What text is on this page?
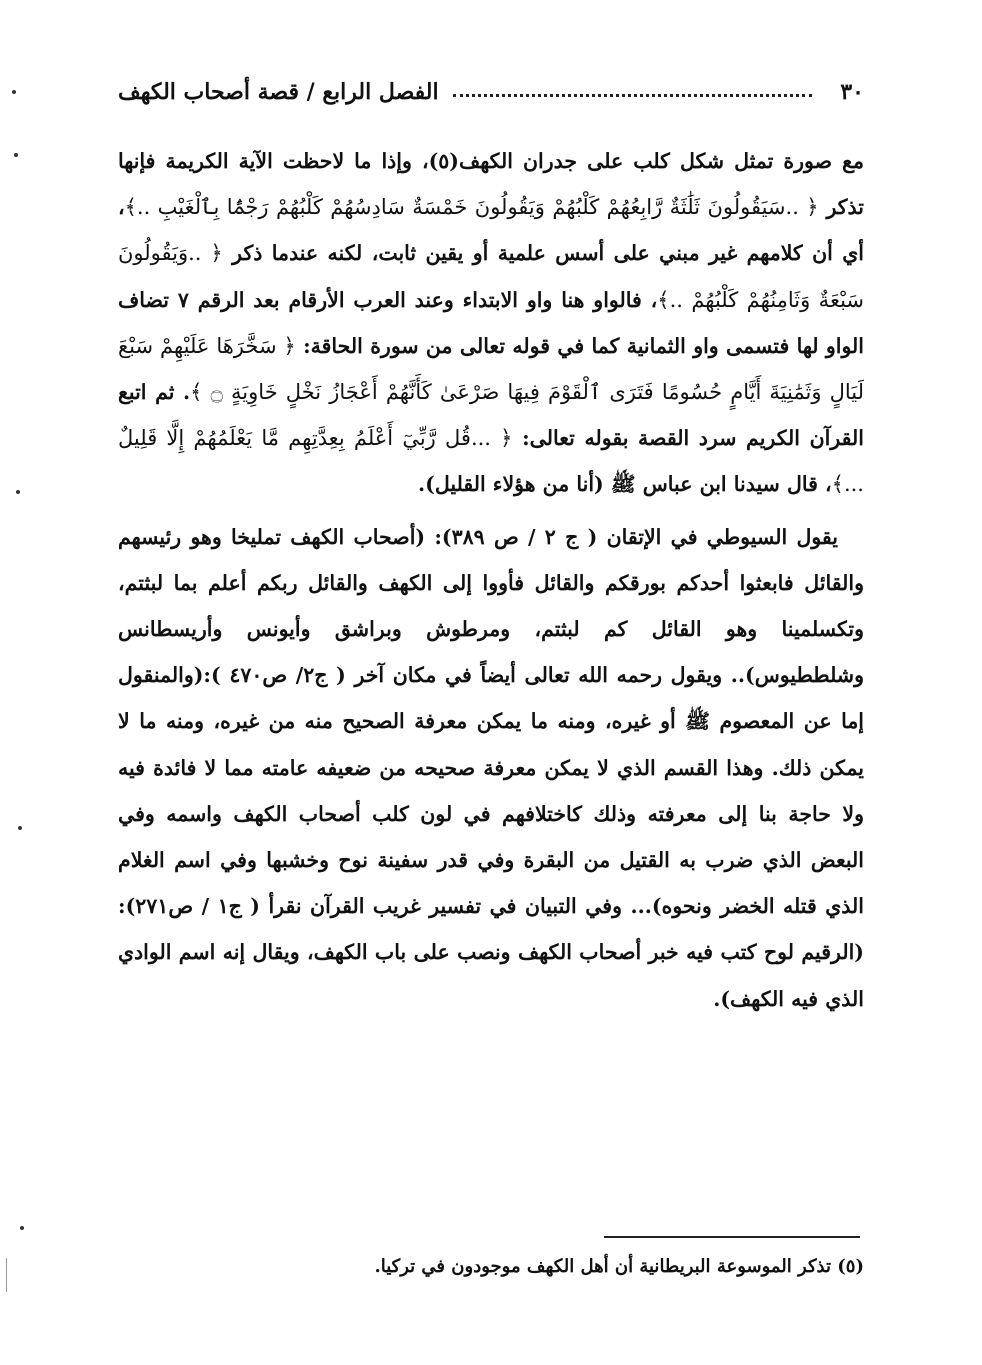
٣٠
الفصل الرابع / قصة أصحاب الكهف

مع صورة تمثل شكل كلب على جدران الكهف(٥)، وإذا ما لاحظت الآية الكريمة فإنها تذكر ﴿ ..سَيَقُولُونَ ثَلَٰثَةٌ رَّابِعُهُمْ كَلْبُهُمْ وَيَقُولُونَ خَمْسَةٌ سَادِسُهُمْ كَلْبُهُمْ رَجْمًۢا بِٱلْغَيْبِ ..﴾، أي أن كلامهم غير مبني على أسس علمية أو يقين ثابت، لكنه عندما ذكر ﴿ ..وَيَقُولُونَ سَبْعَةٌ وَثَامِنُهُمْ كَلْبُهُمْ ..﴾، فالواو هنا واو الابتداء وعند العرب الأرقام بعد الرقم ٧ تضاف الواو لها فتسمى واو الثمانية كما في قوله تعالى من سورة الحاقة: ﴿ سَخَّرَهَا عَلَيْهِمْ سَبْعَ لَيَالٍ وَثَمَٰنِيَةَ أَيَّامٍ حُسُومًا فَتَرَى ٱلْقَوْمَ فِيهَا صَرْعَىٰ كَأَنَّهُمْ أَعْجَازُ نَخْلٍ خَاوِيَةٍ ۝ ﴾. ثم اتبع القرآن الكريم سرد القصة بقوله تعالى: ﴿ ...قُل رَّبِّيٓ أَعْلَمُ بِعِدَّتِهِم مَّا يَعْلَمُهُمْ إِلَّا قَلِيلٌ ...﴾، قال سيدنا ابن عباس ﷺ (أنا من هؤلاء القليل).

يقول السيوطي في الإتقان ( ج ٢ / ص ٣٨٩): (أصحاب الكهف تمليخا وهو رئيسهم والقائل فابعثوا أحدكم بورقكم والقائل فأووا إلى الكهف والقائل ربكم أعلم بما لبثتم، وتكسلمينا وهو القائل كم لبثتم، ومرطوش وبراشق وأيونس وأريسطانس وشلططيوس).. ويقول رحمه الله تعالى أيضاً في مكان آخر ( ج٢/ ص٤٧٠ ):(والمنقول إما عن المعصوم ﷺ أو غيره، ومنه ما يمكن معرفة الصحيح منه من غيره، ومنه ما لا يمكن ذلك. وهذا القسم الذي لا يمكن معرفة صحيحه من ضعيفه عامته مما لا فائدة فيه ولا حاجة بنا إلى معرفته وذلك كاختلافهم في لون كلب أصحاب الكهف واسمه وفي البعض الذي ضرب به القتيل من البقرة وفي قدر سفينة نوح وخشبها وفي اسم الغلام الذي قتله الخضر ونحوه)... وفي التبيان في تفسير غريب القرآن نقرأ ( ج١ / ص٢٧١): (الرقيم لوح كتب فيه خبر أصحاب الكهف ونصب على باب الكهف، ويقال إنه اسم الوادي الذي فيه الكهف).

(٥) تذكر الموسوعة البريطانية أن أهل الكهف موجودون في تركيا.
